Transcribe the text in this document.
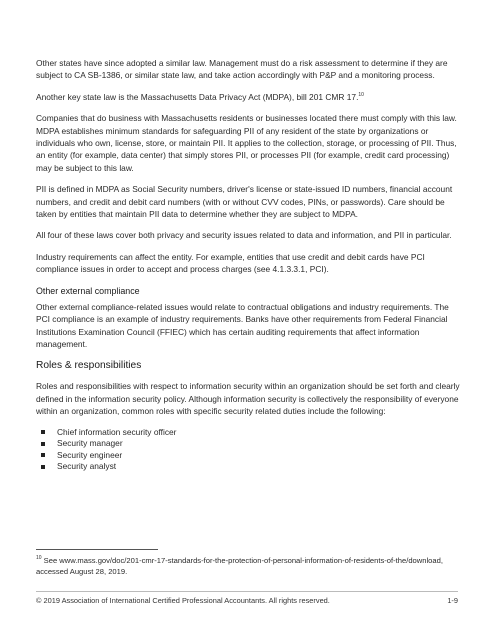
Other states have since adopted a similar law. Management must do a risk assessment to determine if they are subject to CA SB-1386, or similar state law, and take action accordingly with P&P and a monitoring process.

Another key state law is the Massachusetts Data Privacy Act (MDPA), bill 201 CMR 17.10

Companies that do business with Massachusetts residents or businesses located there must comply with this law. MDPA establishes minimum standards for safeguarding PII of any resident of the state by organizations or individuals who own, license, store, or maintain PII. It applies to the collection, storage, or processing of PII. Thus, an entity (for example, data center) that simply stores PII, or processes PII (for example, credit card processing) may be subject to this law.

PII is defined in MDPA as Social Security numbers, driver's license or state-issued ID numbers, financial account numbers, and credit and debit card numbers (with or without CVV codes, PINs, or passwords). Care should be taken by entities that maintain PII data to determine whether they are subject to MDPA.

All four of these laws cover both privacy and security issues related to data and information, and PII in particular.

Industry requirements can affect the entity. For example, entities that use credit and debit cards have PCI compliance issues in order to accept and process charges (see 4.1.3.3.1, PCI).

Other external compliance

Other external compliance-related issues would relate to contractual obligations and industry requirements. The PCI compliance is an example of industry requirements. Banks have other requirements from Federal Financial Institutions Examination Council (FFIEC) which has certain auditing requirements that affect information management.

Roles & responsibilities

Roles and responsibilities with respect to information security within an organization should be set forth and clearly defined in the information security policy. Although information security is collectively the responsibility of everyone within an organization, common roles with specific security related duties include the following:

Chief information security officer
Security manager
Security engineer
Security analyst

$^{10}$ See www.mass.gov/doc/201-cmr-17-standards-for-the-protection-of-personal-information-of-residents-of-the/download, accessed August 28, 2019.

© 2019 Association of International Certified Professional Accountants. All rights reserved.	1-9
